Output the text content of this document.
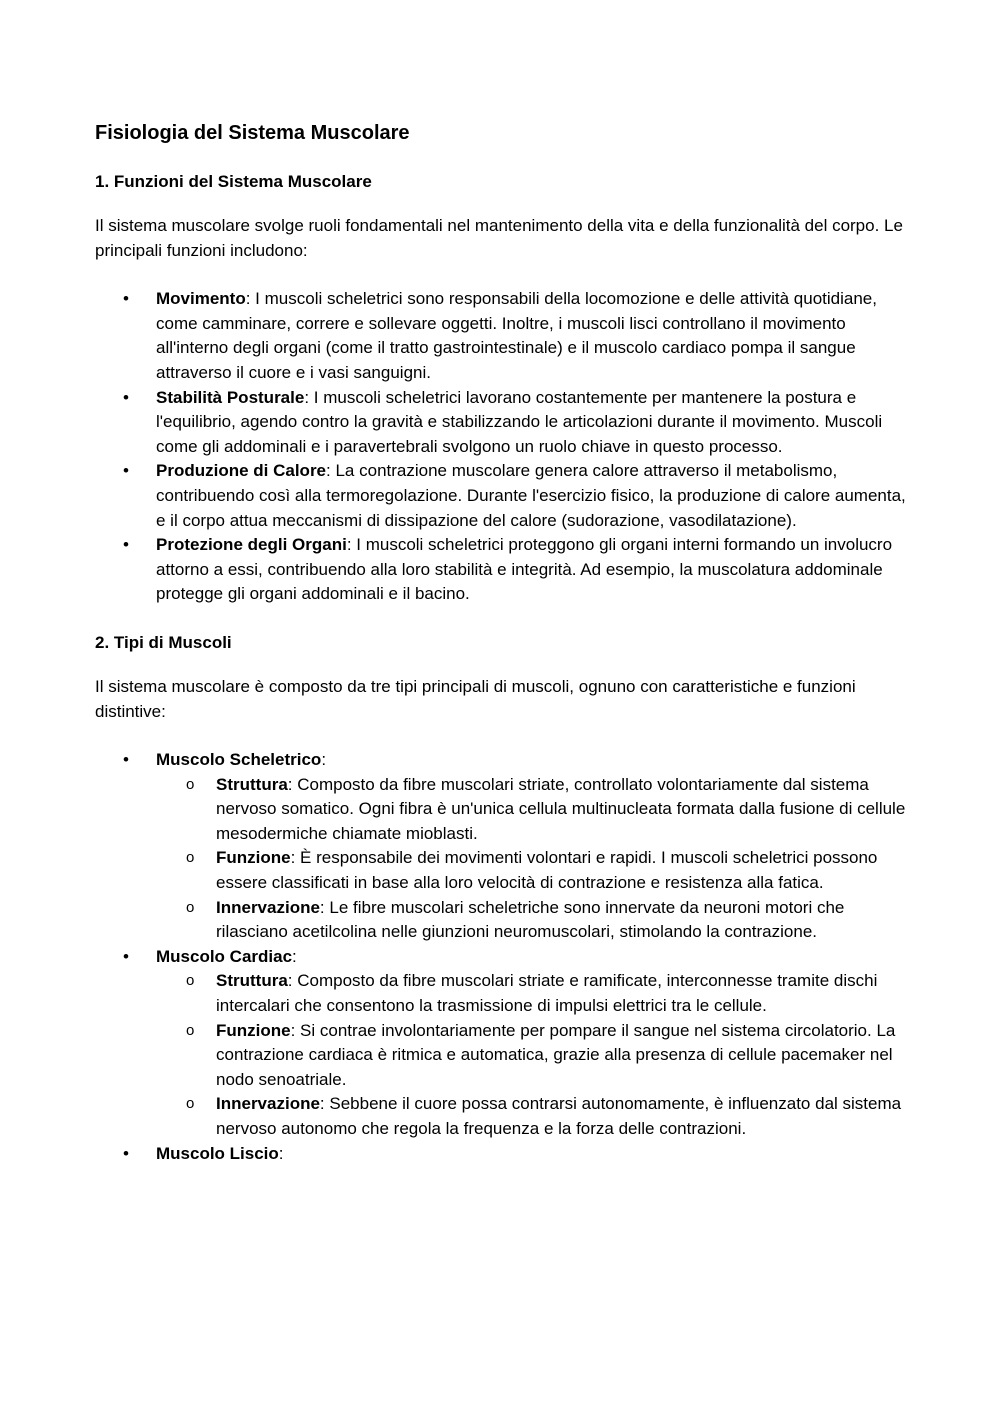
Fisiologia del Sistema Muscolare
1. Funzioni del Sistema Muscolare

Il sistema muscolare svolge ruoli fondamentali nel mantenimento della vita e della funzionalità del corpo. Le principali funzioni includono:

• Movimento: I muscoli scheletrici sono responsabili della locomozione e delle attività quotidiane, come camminare, correre e sollevare oggetti. Inoltre, i muscoli lisci controllano il movimento all'interno degli organi (come il tratto gastrointestinale) e il muscolo cardiaco pompa il sangue attraverso il cuore e i vasi sanguigni.
• Stabilità Posturale: I muscoli scheletrici lavorano costantemente per mantenere la postura e l'equilibrio, agendo contro la gravità e stabilizzando le articolazioni durante il movimento. Muscoli come gli addominali e i paravertebrali svolgono un ruolo chiave in questo processo.
• Produzione di Calore: La contrazione muscolare genera calore attraverso il metabolismo, contribuendo così alla termoregolazione. Durante l'esercizio fisico, la produzione di calore aumenta, e il corpo attua meccanismi di dissipazione del calore (sudorazione, vasodilatazione).
• Protezione degli Organi: I muscoli scheletrici proteggono gli organi interni formando un involucro attorno a essi, contribuendo alla loro stabilità e integrità. Ad esempio, la muscolatura addominale protegge gli organi addominali e il bacino.
2. Tipi di Muscoli

Il sistema muscolare è composto da tre tipi principali di muscoli, ognuno con caratteristiche e funzioni distintive:

• Muscolo Scheletrico:
o Struttura: Composto da fibre muscolari striate, controllato volontariamente dal sistema nervoso somatico. Ogni fibra è un'unica cellula multinucleata formata dalla fusione di cellule mesodermiche chiamate mioblasti.
o Funzione: È responsabile dei movimenti volontari e rapidi. I muscoli scheletrici possono essere classificati in base alla loro velocità di contrazione e resistenza alla fatica.
o Innervazione: Le fibre muscolari scheletriche sono innervate da neuroni motori che rilasciano acetilcolina nelle giunzioni neuromuscolari, stimolando la contrazione.
• Muscolo Cardiac:
o Struttura: Composto da fibre muscolari striate e ramificate, interconnesse tramite dischi intercalari che consentono la trasmissione di impulsi elettrici tra le cellule.
o Funzione: Si contrae involontariamente per pompare il sangue nel sistema circolatorio. La contrazione cardiaca è ritmica e automatica, grazie alla presenza di cellule pacemaker nel nodo senoatriale.
o Innervazione: Sebbene il cuore possa contrarsi autonomamente, è influenzato dal sistema nervoso autonomo che regola la frequenza e la forza delle contrazioni.
• Muscolo Liscio:
